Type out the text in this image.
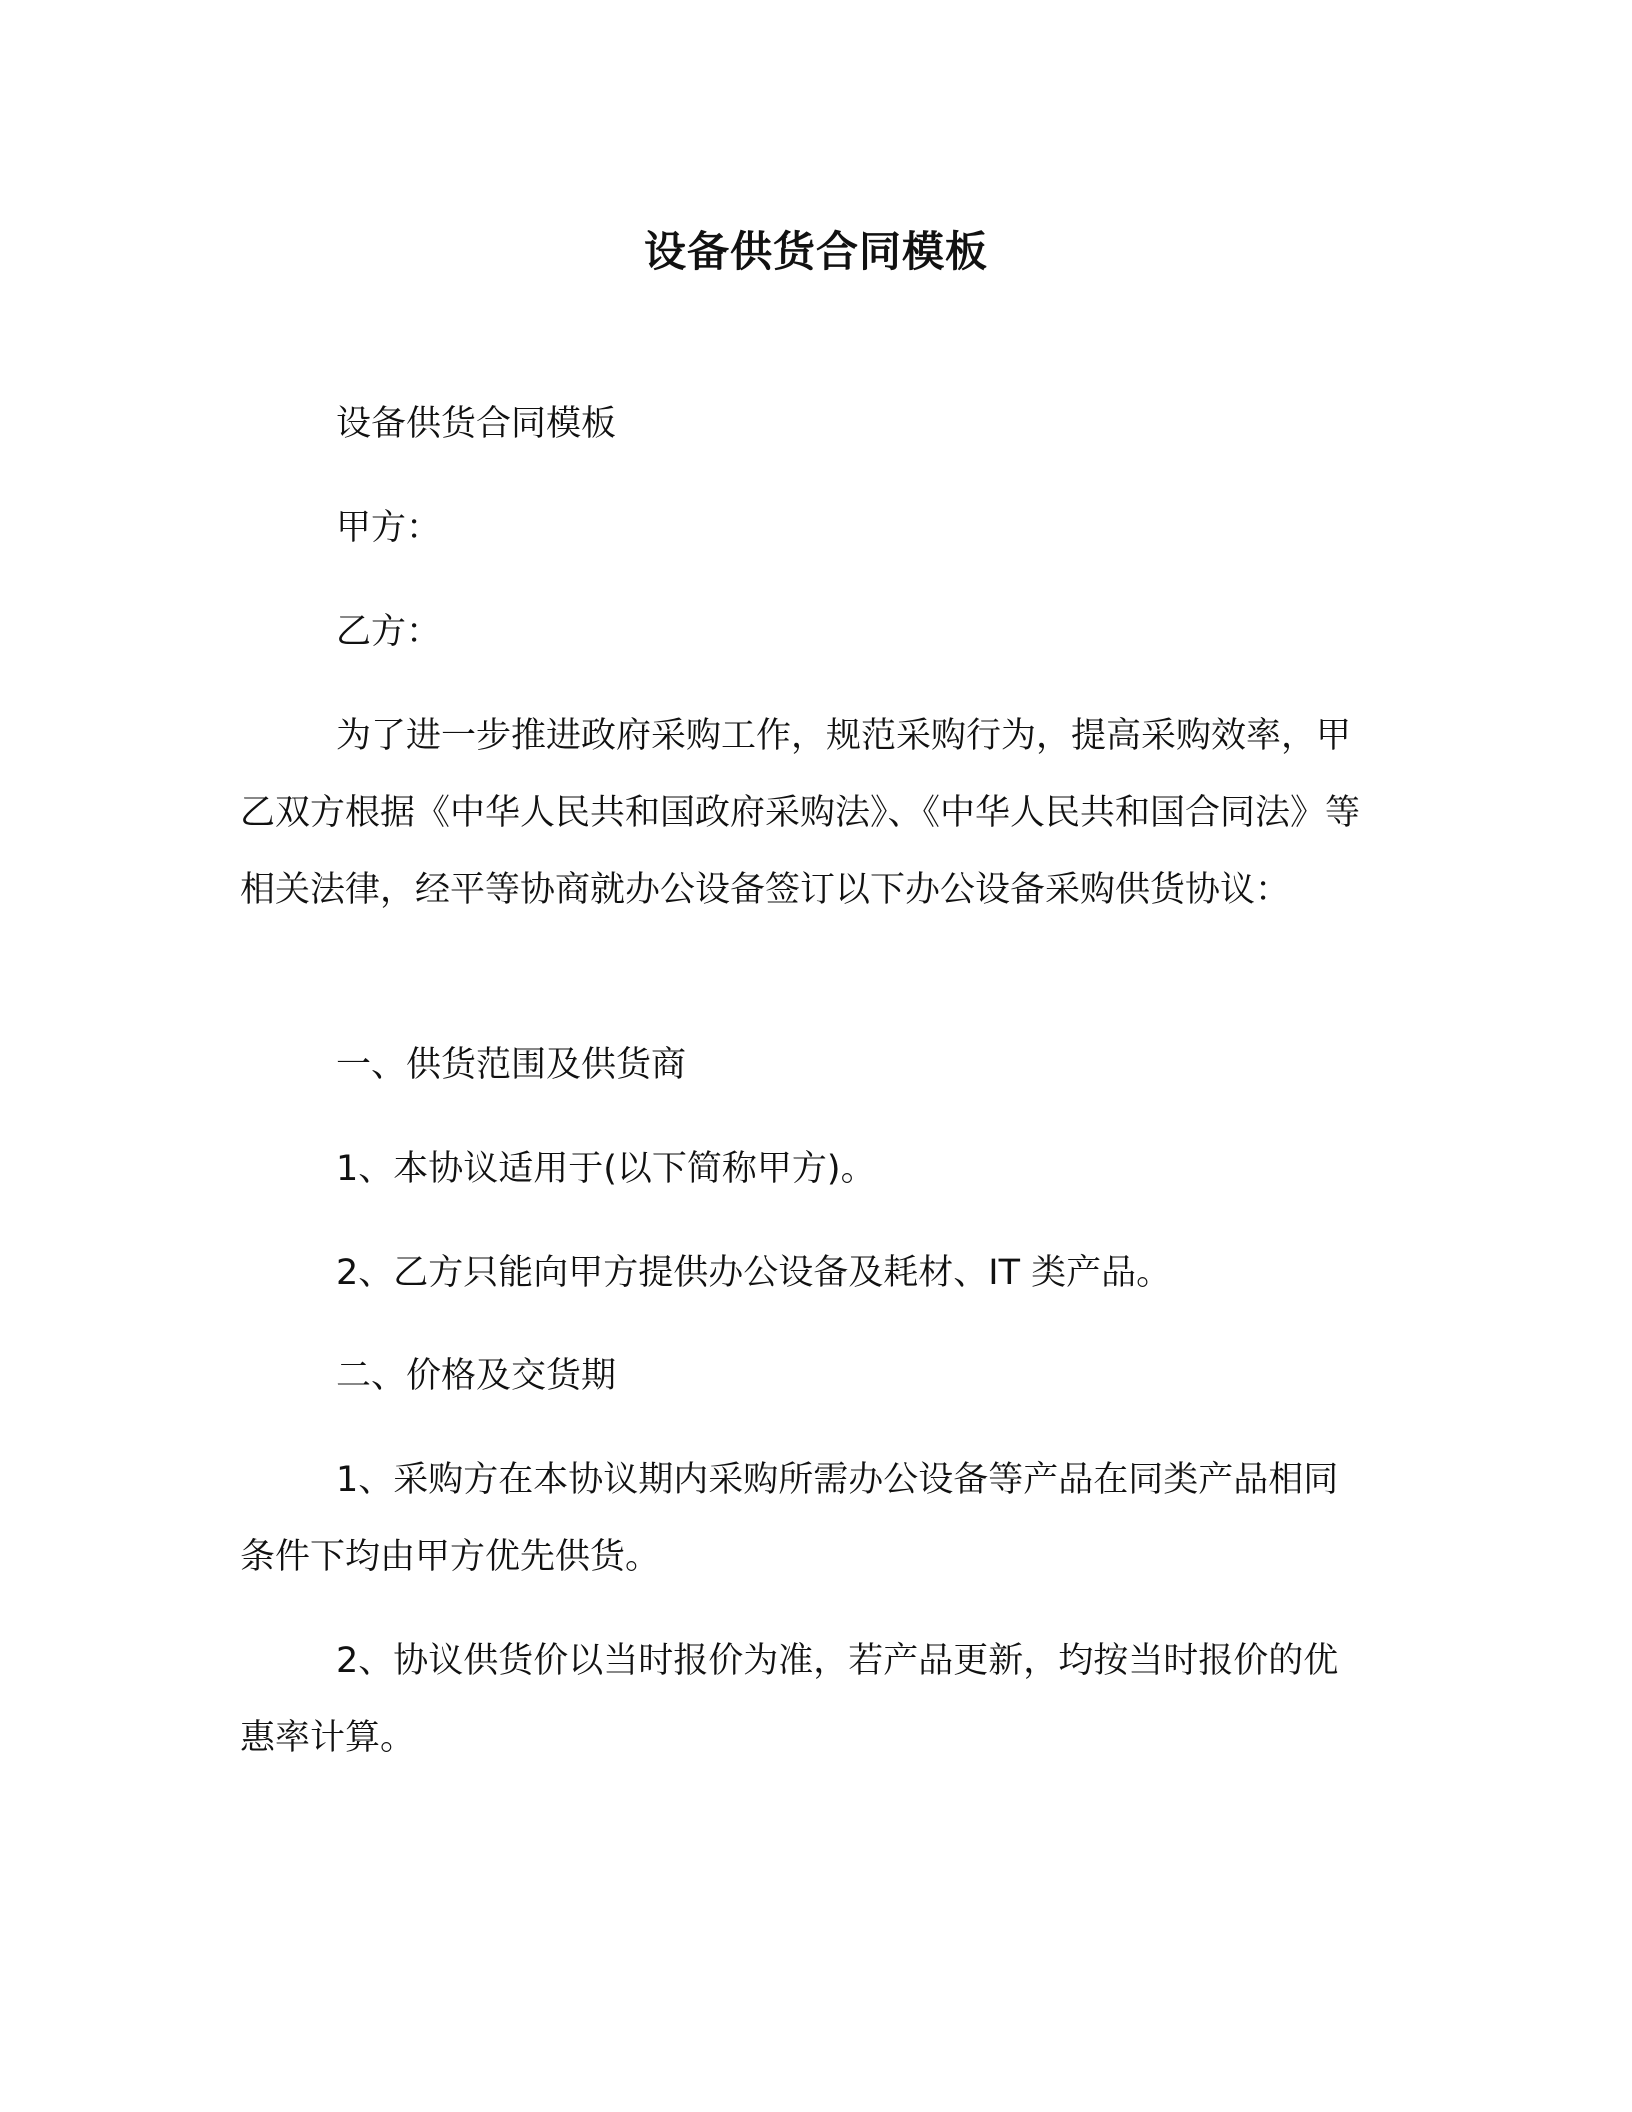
设备供货合同模板

设备供货合同模板

甲方：

乙方：

为了进一步推进政府采购工作，规范采购行为，提高采购效率，甲乙双方根据《中华人民共和国政府采购法》、《中华人民共和国合同法》等相关法律，经平等协商就办公设备签订以下办公设备采购供货协议：

一、供货范围及供货商

1、本协议适用于(以下简称甲方)。

2、乙方只能向甲方提供办公设备及耗材、IT 类产品。

二、价格及交货期

1、采购方在本协议期内采购所需办公设备等产品在同类产品相同条件下均由甲方优先供货。

2、协议供货价以当时报价为准，若产品更新，均按当时报价的优惠率计算。
